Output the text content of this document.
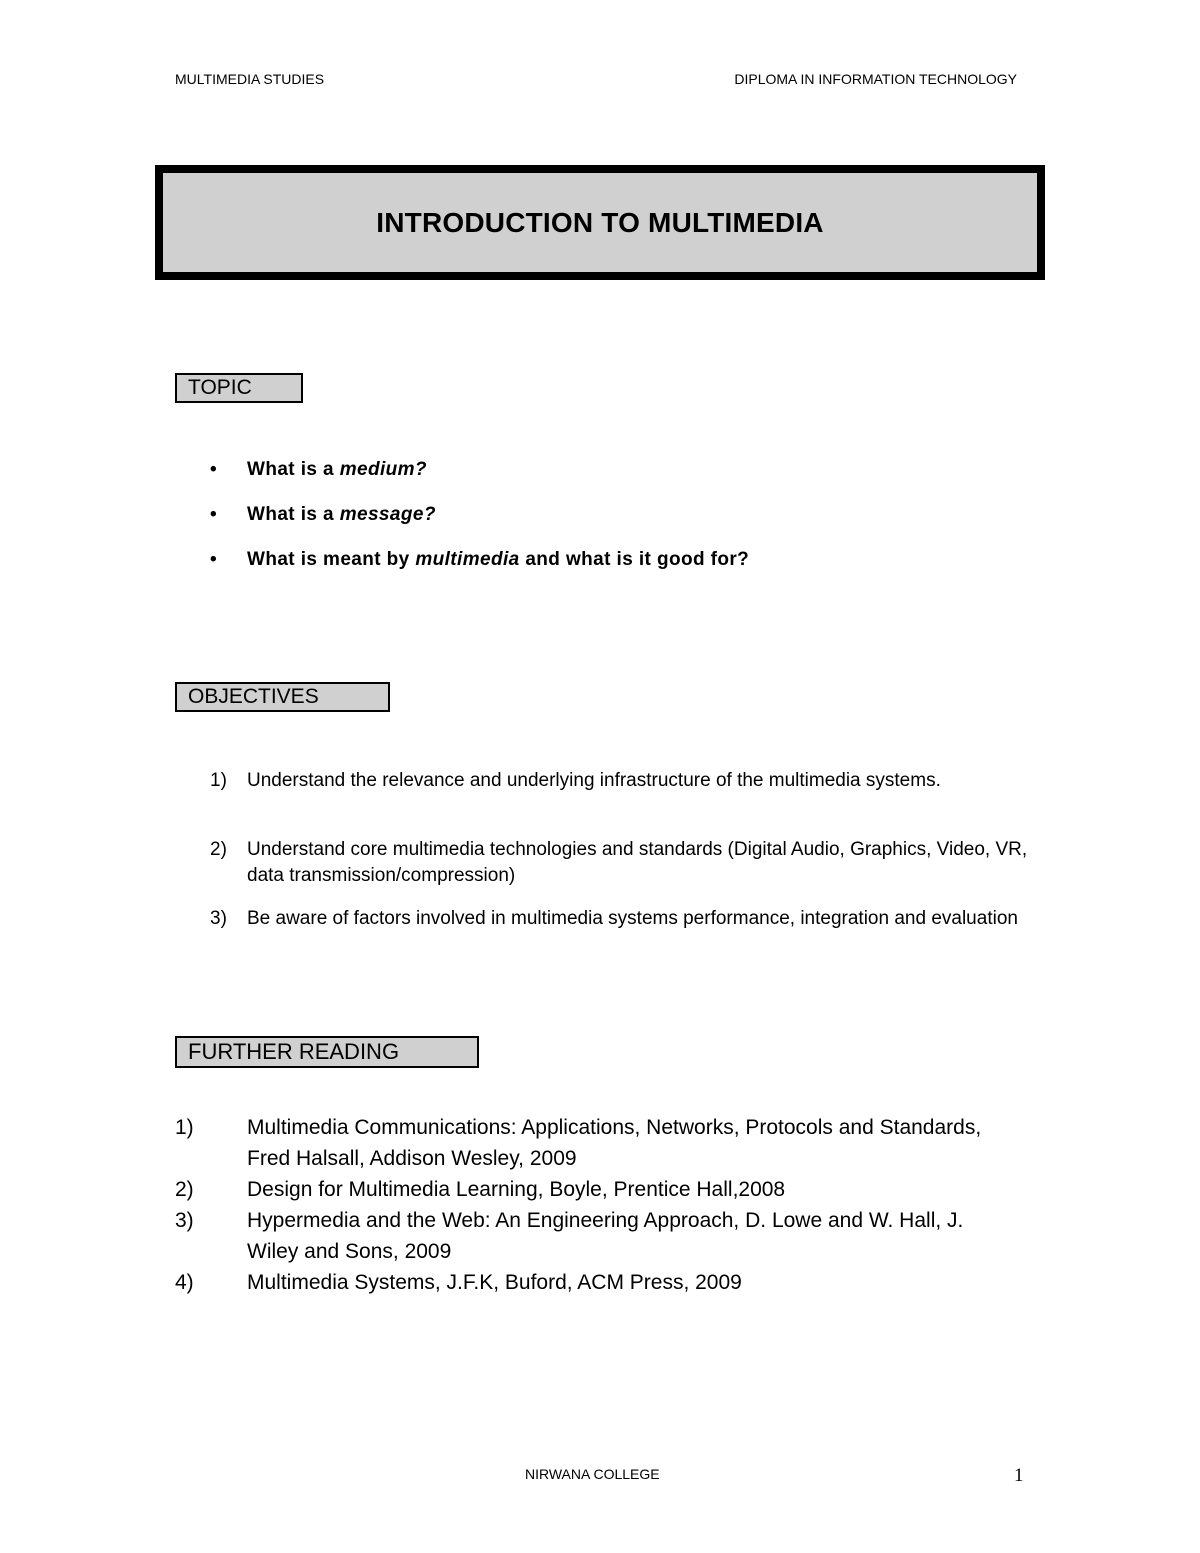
MULTIMEDIA STUDIES	DIPLOMA IN INFORMATION TECHNOLOGY
INTRODUCTION TO MULTIMEDIA
TOPIC
• What is a medium?
• What is a message?
• What is meant by multimedia and what is it good for?
OBJECTIVES
1) Understand the relevance and underlying infrastructure of the multimedia systems.
2) Understand core multimedia technologies and standards (Digital Audio, Graphics, Video, VR, data transmission/compression)
3) Be aware of factors involved in multimedia systems performance, integration and evaluation
FURTHER READING
1)	Multimedia Communications: Applications, Networks, Protocols and Standards, Fred Halsall, Addison Wesley, 2009
2)	Design for Multimedia Learning, Boyle, Prentice Hall,2008
3)	Hypermedia and the Web: An Engineering Approach, D. Lowe and W. Hall, J. Wiley and Sons, 2009
4)	Multimedia Systems, J.F.K, Buford, ACM Press, 2009
NIRWANA COLLEGE	1
